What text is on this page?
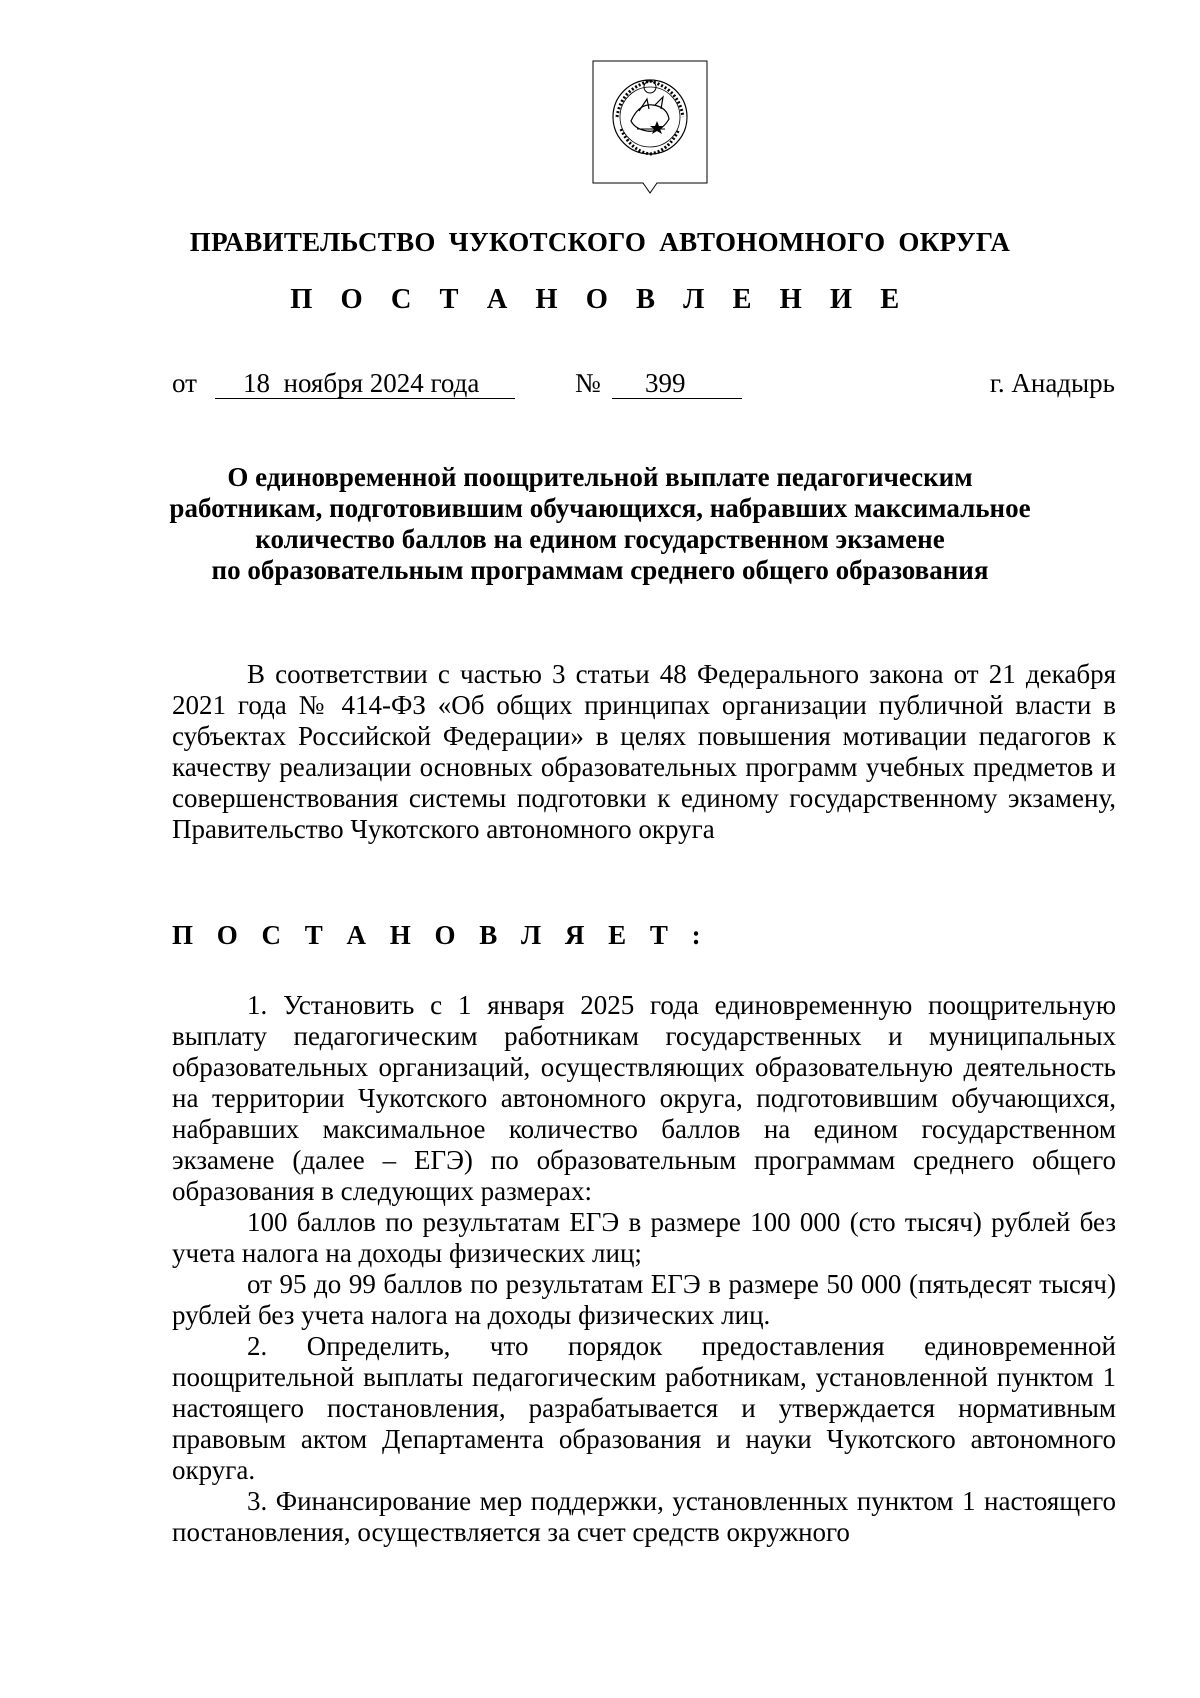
ПРАВИТЕЛЬСТВО ЧУКОТСКОГО АВТОНОМНОГО ОКРУГА
П О С Т А Н О В Л Е Н И Е
от 18  ноября 2024 года	№ 399	г. Анадырь
О единовременной поощрительной выплате педагогическим
работникам, подготовившим обучающихся, набравших максимальное
количество баллов на едином государственном экзамене
по образовательным программам среднего общего образования

В соответствии с частью 3 статьи 48 Федерального закона от 21 декабря 2021 года № 414-ФЗ «Об общих принципах организации публичной власти в субъектах Российской Федерации» в целях повышения мотивации педагогов к качеству реализации основных образовательных программ учебных предметов и совершенствования системы подготовки к единому государственному экзамену, Правительство Чукотского автономного округа

П О С Т А Н О В Л Я Е Т :

1. Установить с 1 января 2025 года единовременную поощрительную выплату педагогическим работникам государственных и муниципальных образовательных организаций, осуществляющих образовательную деятельность на территории Чукотского автономного округа, подготовившим обучающихся, набравших максимальное количество баллов на едином государственном экзамене (далее – ЕГЭ) по образовательным программам среднего общего образования в следующих размерах:

100 баллов по результатам ЕГЭ в размере 100 000 (сто тысяч) рублей без учета налога на доходы физических лиц;

от 95 до 99 баллов по результатам ЕГЭ в размере 50 000 (пятьдесят тысяч) рублей без учета налога на доходы физических лиц.

2. Определить, что порядок предоставления единовременной поощрительной выплаты педагогическим работникам, установленной пунктом 1 настоящего постановления, разрабатывается и утверждается нормативным правовым актом Департамента образования и науки Чукотского автономного округа.

3. Финансирование мер поддержки, установленных пунктом 1 настоящего постановления, осуществляется за счет средств окружного
